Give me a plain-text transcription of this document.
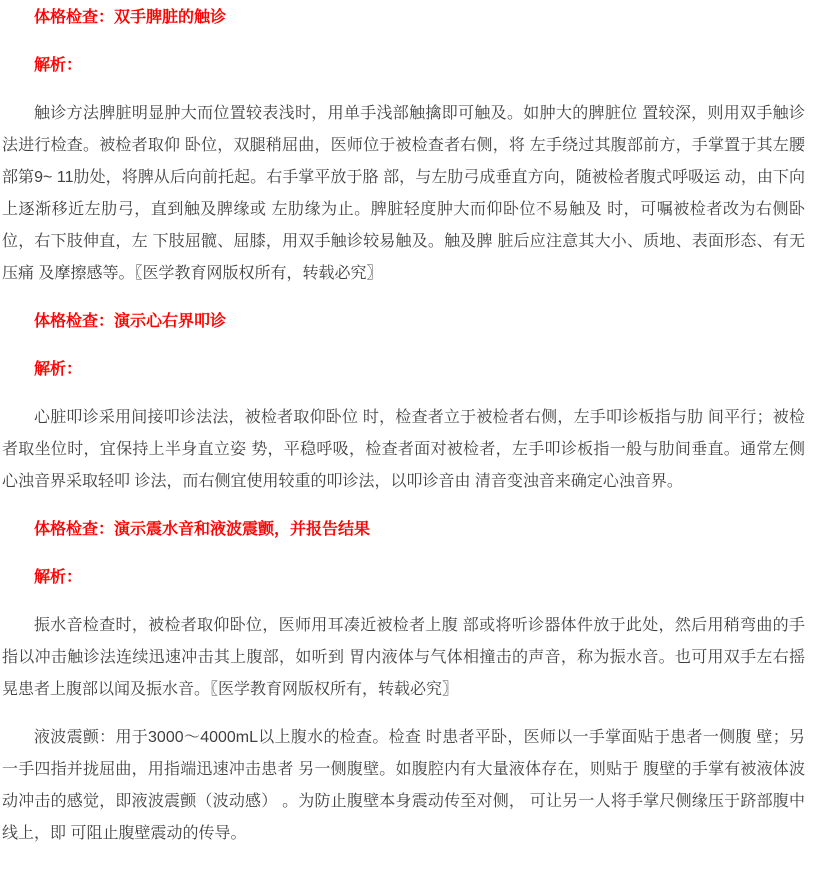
体格检查：双手脾脏的触诊

解析：

触诊方法脾脏明显肿大而位置较表浅时，用单手浅部触擒即可触及。如肿大的脾脏位 置较深，则用双手触诊法进行检查。被检者取仰 卧位，双腿稍屈曲，医师位于被检查者右侧，将 左手绕过其腹部前方，手掌置于其左腰部第9~ 11肋处，将脾从后向前托起。右手掌平放于胳 部，与左肋弓成垂直方向，随被检者腹式呼吸运 动，由下向上逐渐移近左肋弓，直到触及脾缘或 左肋缘为止。脾脏轻度肿大而仰卧位不易触及 时，可嘱被检者改为右侧卧位，右下肢伸直，左 下肢屈髋、屈膝，用双手触诊较易触及。触及脾 脏后应注意其大小、质地、表面形态、有无压痛 及摩擦感等。〖医学教育网版权所有，转载必究〗

体格检查：演示心右界叩诊

解析：

心脏叩诊采用间接叩诊法法，被检者取仰卧位 时，检查者立于被检者右侧，左手叩诊板指与肋 间平行；被检者取坐位时，宜保持上半身直立姿 势，平稳呼吸，检查者面对被检者，左手叩诊板指一般与肋间垂直。通常左侧心浊音界采取轻叩 诊法，而右侧宜使用较重的叩诊法，以叩诊音由 清音变浊音来确定心浊音界。

体格检查：演示震水音和液波震颤，并报告结果

解析：

振水音检查时，被检者取仰卧位，医师用耳凑近被检者上腹 部或将听诊器体件放于此处，然后用稍弯曲的手指以冲击触诊法连续迅速冲击其上腹部，如听到 胃内液体与气体相撞击的声音，称为振水音。也可用双手左右摇晃患者上腹部以闻及振水音。〖医学教育网版权所有，转载必究〗

液波震颤：用于3000〜4000mL以上腹水的检查。检查 时患者平卧，医师以一手掌面贴于患者一侧腹 壁；另一手四指并拢屈曲，用指端迅速冲击患者 另一侧腹壁。如腹腔内有大量液体存在，则贴于 腹壁的手掌有被液体波动冲击的感觉，即液波震颤（波动感） 。为防止腹壁本身震动传至对侧， 可让另一人将手掌尺侧缘压于跻部腹中线上，即 可阻止腹壁震动的传导。
